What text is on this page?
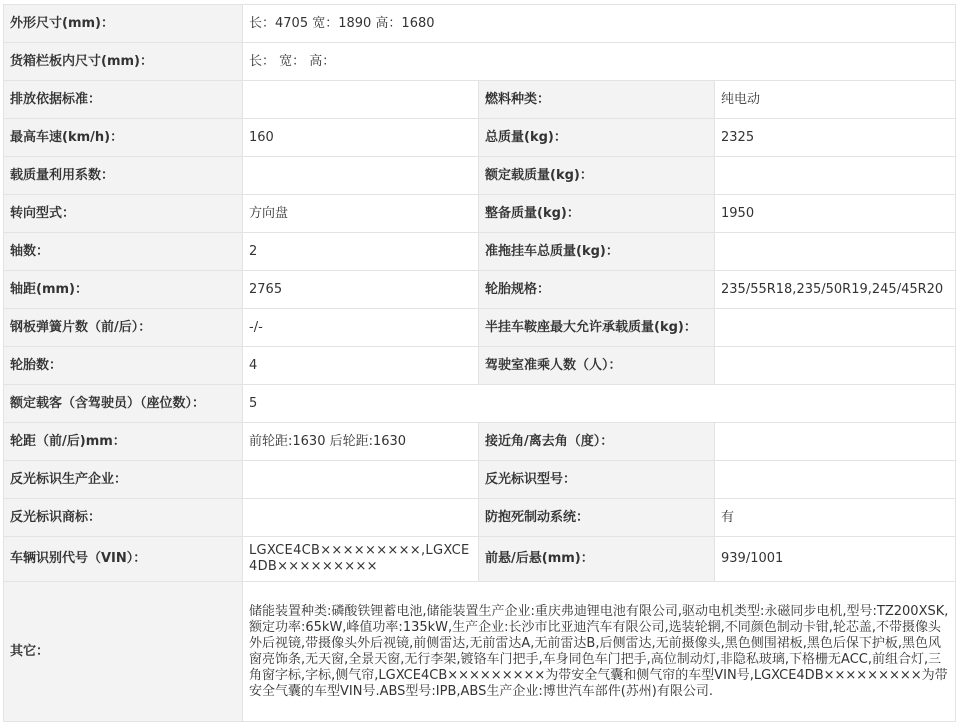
外形尺寸(mm)：	长：4705 宽：1890 高：1680		
货箱栏板内尺寸(mm)：	长： 宽： 高：		
排放依据标准：		燃料种类：	纯电动
最高车速(km/h)：	160	总质量(kg)：	2325
载质量利用系数：		额定载质量(kg)：	
转向型式：	方向盘	整备质量(kg)：	1950
轴数：	2	准拖挂车总质量(kg)：	
轴距(mm)：	2765	轮胎规格：	235/55R18,235/50R19,245/45R20
钢板弹簧片数（前/后）：	-/-	半挂车鞍座最大允许承载质量(kg)：	
轮胎数：	4	驾驶室准乘人数（人）：	
额定载客（含驾驶员）（座位数）：	5		
轮距（前/后)mm：	前轮距:1630 后轮距:1630	接近角/离去角（度）：	
反光标识生产企业：		反光标识型号：	
反光标识商标：		防抱死制动系统：	有
车辆识别代号（VIN）：	LGXCE4CB×××××××××,LGXCE4DB×××××××××	前悬/后悬(mm)：	939/1001
其它：	储能装置种类:磷酸铁锂蓄电池,储能装置生产企业:重庆弗迪锂电池有限公司,驱动电机类型:永磁同步电机,型号:TZ200XSK,额定功率:65kW,峰值功率:135kW,生产企业:长沙市比亚迪汽车有限公司,选装轮辋,不同颜色制动卡钳,轮芯盖,不带摄像头外后视镜,带摄像头外后视镜,前侧雷达,无前雷达A,无前雷达B,后侧雷达,无前摄像头,黑色侧围裙板,黑色后保下护板,黑色风窗亮饰条,无天窗,全景天窗,无行李架,镀铬车门把手,车身同色车门把手,高位制动灯,非隐私玻璃,下格栅无ACC,前组合灯,三角窗字标,字标,侧气帘,LGXCE4CB×××××××××为带安全气囊和侧气帘的车型VIN号,LGXCE4DB×××××××××为带安全气囊的车型VIN号.ABS型号:IPB,ABS生产企业:博世汽车部件(苏州)有限公司.		
